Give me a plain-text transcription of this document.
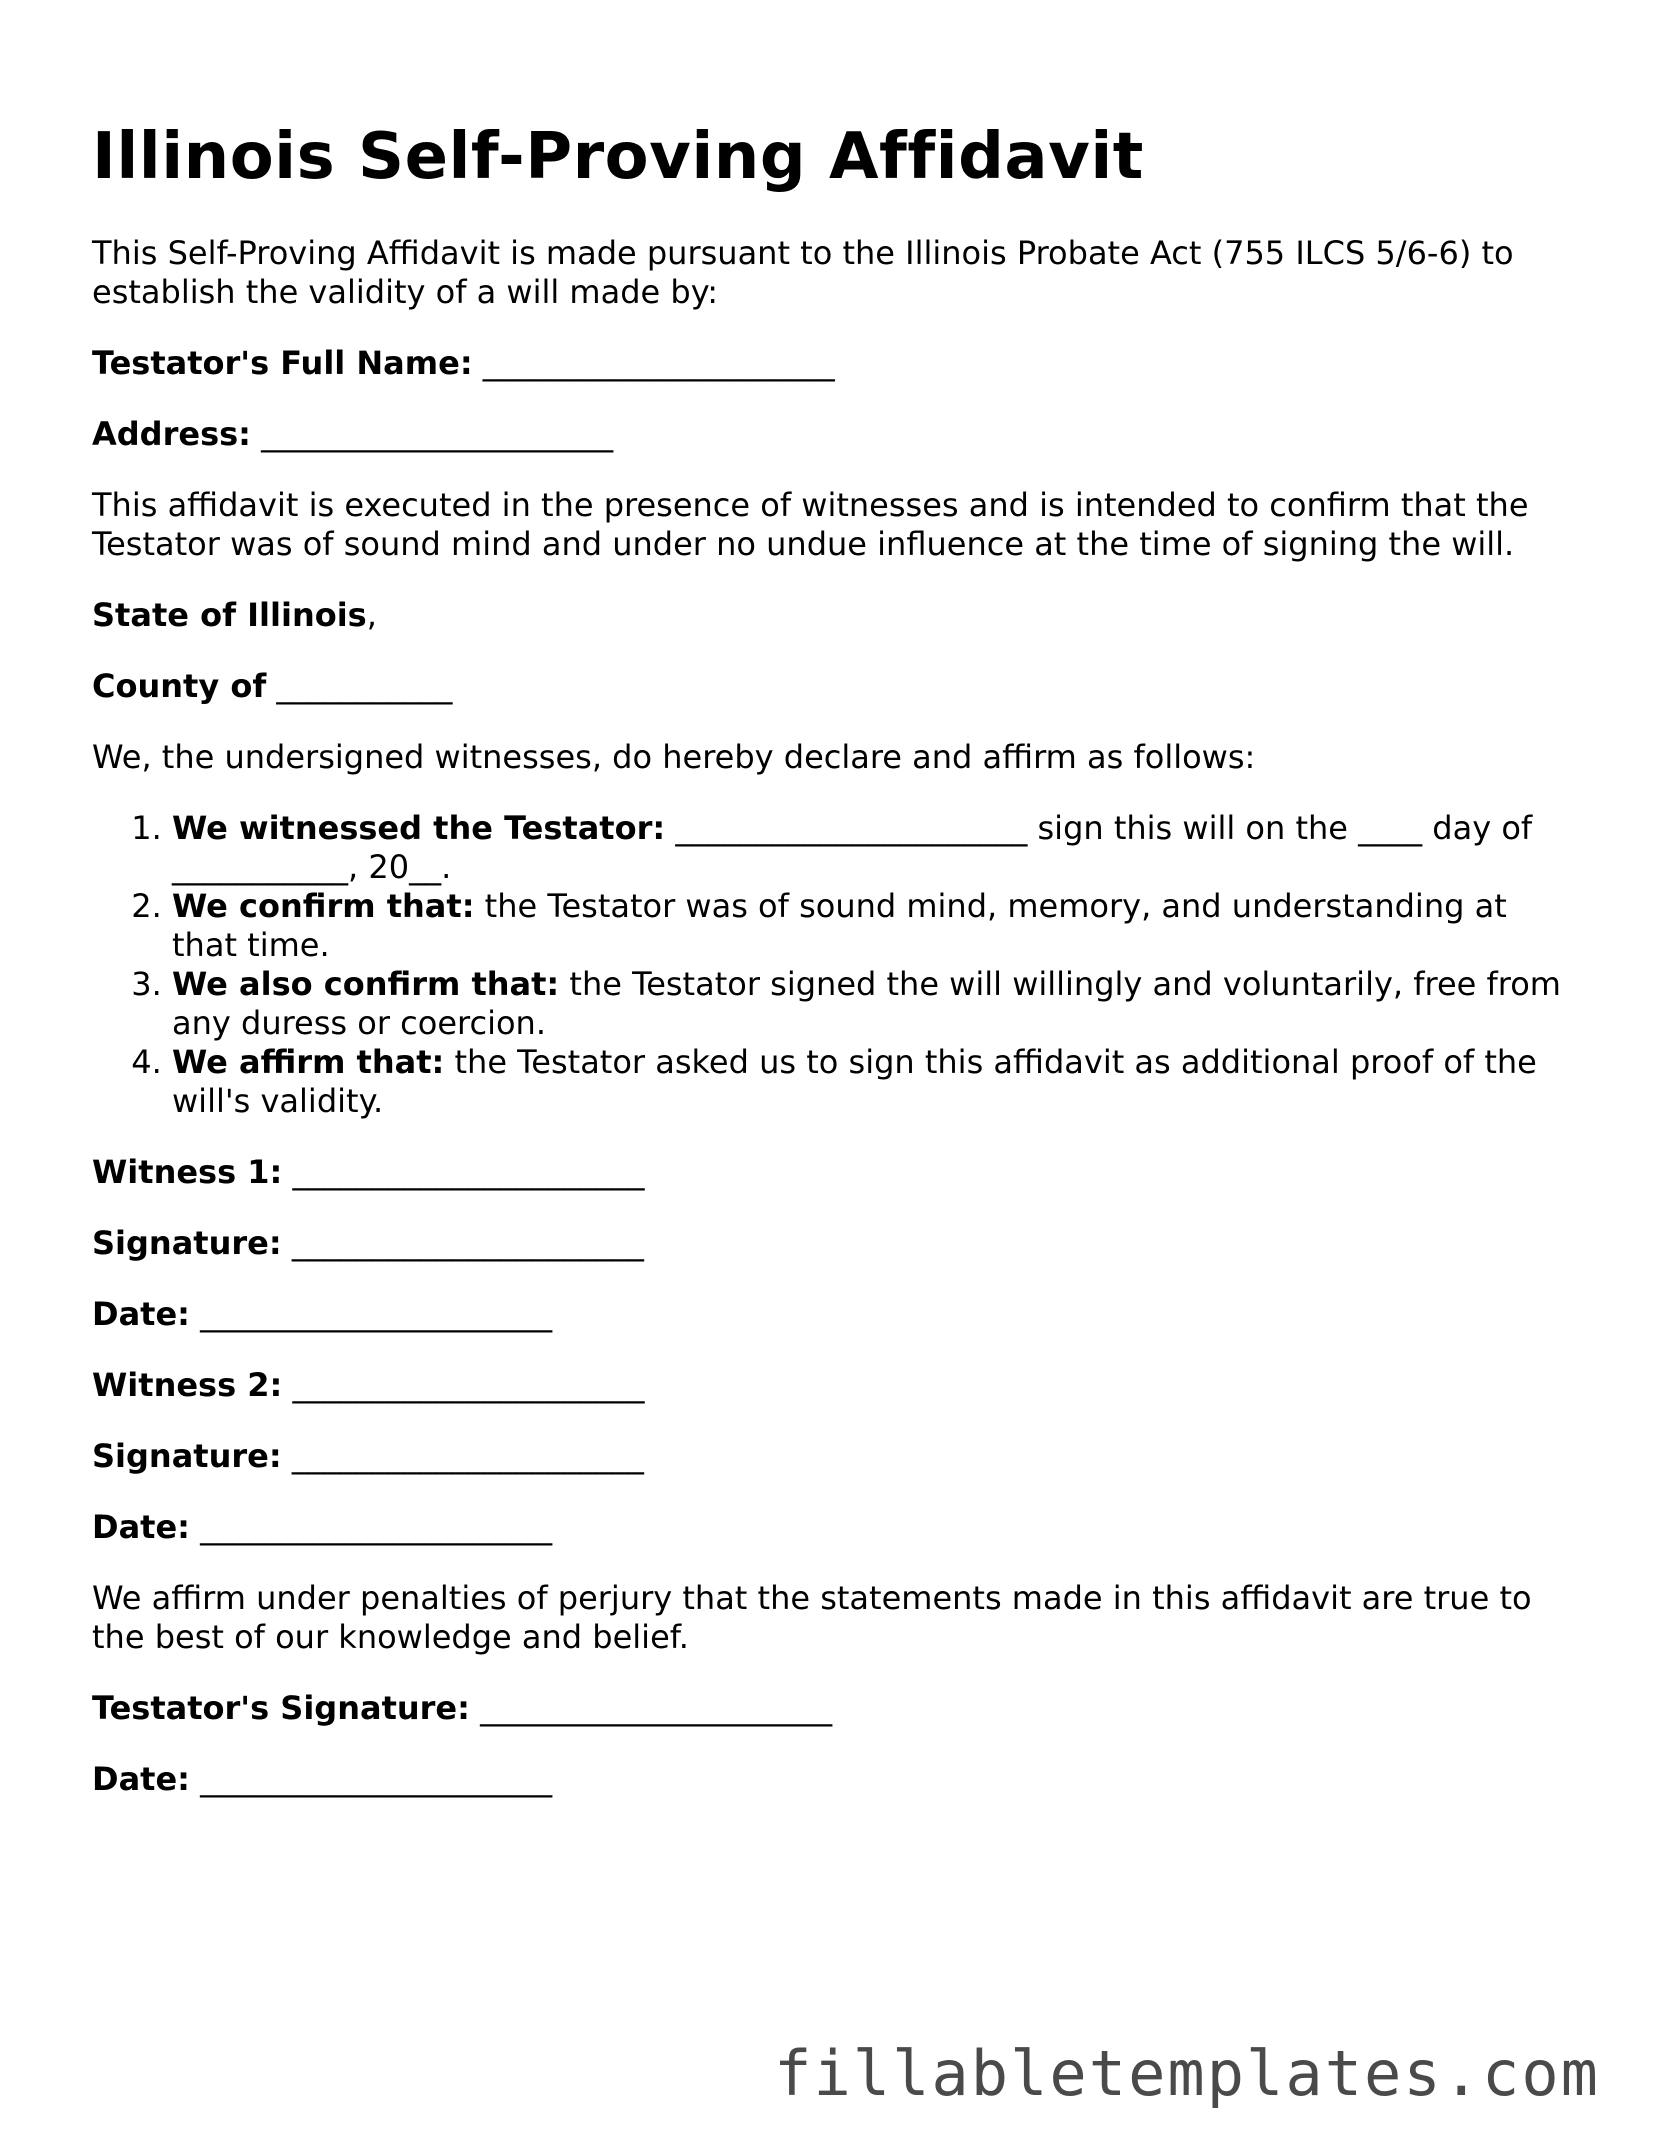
Illinois Self-Proving Affidavit

This Self-Proving Affidavit is made pursuant to the Illinois Probate Act (755 ILCS 5/6-6) to establish the validity of a will made by:

Testator's Full Name: ______________________

Address: ______________________

This affidavit is executed in the presence of witnesses and is intended to confirm that the Testator was of sound mind and under no undue influence at the time of signing the will.

State of Illinois,

County of ___________

We, the undersigned witnesses, do hereby declare and affirm as follows:

1. We witnessed the Testator: ______________________ sign this will on the ____ day of ___________, 20__.
2. We confirm that: the Testator was of sound mind, memory, and understanding at that time.
3. We also confirm that: the Testator signed the will willingly and voluntarily, free from any duress or coercion.
4. We affirm that: the Testator asked us to sign this affidavit as additional proof of the will's validity.

Witness 1: ______________________

Signature: ______________________

Date: ______________________

Witness 2: ______________________

Signature: ______________________

Date: ______________________

We affirm under penalties of perjury that the statements made in this affidavit are true to the best of our knowledge and belief.

Testator's Signature: ______________________

Date: ______________________

fillabletemplates.com
